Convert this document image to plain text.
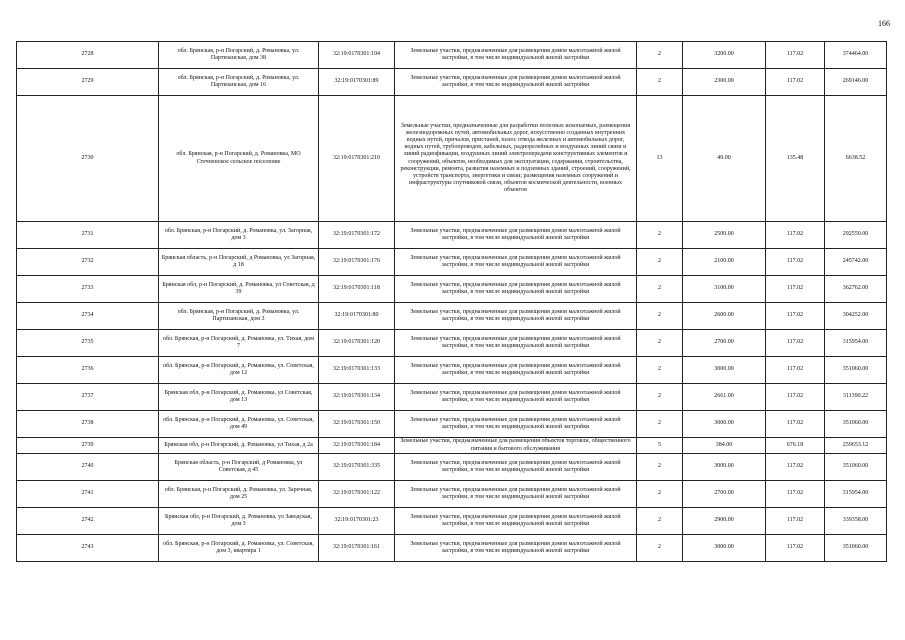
166
2728	обл. Брянская, р-н Погарский, д. Романовка, ул. Партизанская, дом 38	32:19:0170301:104	Земельные участки, предназначенные для размещения домов малоэтажной жилой застройки, в том числе индивидуальной жилой застройки	2	3200.00	117.02	374464.00
2729	обл. Брянская, р-н Погарский, д. Романовка, ул. Партизанская, дом 16	32:19:0170301:89	Земельные участки, предназначенные для размещения домов малоэтажной жилой застройки, в том числе индивидуальной жилой застройки	2	2300.00	117.02	269146.00
2730	обл. Брянская, р-н Погарский, д. Романовка, МО Стечненское сельское поселение	32:19:0170301:210	Земельные участки, предназначенные для разработки полезных ископаемых, размещения железнодорожных путей, автомобильных дорог, искусственно созданных внутренних водных путей, причалов, пристаней, полос отвода железных и автомобильных дорог, водных путей, трубопроводов, кабельных, радиорелейных и воздушных линий связи и линий радиофикации, воздушных линий электропередачи конструктивных элементов и сооружений, объектов, необходимых для эксплуатации, содержания, строительства, реконструкции, ремонта, развития наземных и подземных зданий, строений, сооружений, устройств транспорта, энергетики и связи; размещения наземных сооружений и инфраструктуры спутниковой связи, объектов космической деятельности, военных объектов	13	49.00	135.48	6638.52
2731	обл. Брянская, р-н Погарский, д. Романовка, ул. Загорная, дом 3	32:19:0170301:172	Земельные участки, предназначенные для размещения домов малоэтажной жилой застройки, в том числе индивидуальной жилой застройки	2	2500.00	117.02	292550.00
2732	Брянская область, р-н Погарский, д Романовка, ул Загорная, д 18	32:19:0170301:176	Земельные участки, предназначенные для размещения домов малоэтажной жилой застройки, в том числе индивидуальной жилой застройки	2	2100.00	117.02	245742.00
2733	Брянская обл, р-н Погарский, д. Романовка, ул Советская, д 39	32:19:0170301:118	Земельные участки, предназначенные для размещения домов малоэтажной жилой застройки, в том числе индивидуальной жилой застройки	2	3100.00	117.02	362762.00
2734	обл. Брянская, р-н Погарский, д. Романовка, ул. Партизанская, дом 3	32:19:0170301:80	Земельные участки, предназначенные для размещения домов малоэтажной жилой застройки, в том числе индивидуальной жилой застройки	2	2600.00	117.02	304252.00
2735	обл. Брянская, р-н Погарский, д. Романовка, ул. Тихая, дом 7	32:19:0170301:120	Земельные участки, предназначенные для размещения домов малоэтажной жилой застройки, в том числе индивидуальной жилой застройки	2	2700.00	117.02	315954.00
2736	обл. Брянская, р-н Погарский, д. Романовка, ул. Советская, дом 12	32:19:0170301:133	Земельные участки, предназначенные для размещения домов малоэтажной жилой застройки, в том числе индивидуальной жилой застройки	2	3000.00	117.02	351060.00
2737	Брянская обл, р-н Погарский, д. Романовка, ул Советская, дом 13	32:19:0170301:134	Земельные участки, предназначенные для размещения домов малоэтажной жилой застройки, в том числе индивидуальной жилой застройки	2	2661.00	117.02	311390.22
2738	обл. Брянская, р-н Погарский, д. Романовка, ул. Советская, дом 49	32:19:0170301:150	Земельные участки, предназначенные для размещения домов малоэтажной жилой застройки, в том числе индивидуальной жилой застройки	2	3000.00	117.02	351060.00
2739	Брянская обл, р-н Погарский, д. Романовка, ул Тихая, д 2а	32:19:0170301:184	Земельные участки, предназначенные для размещения объектов торговли, общественного питания и бытового обслуживания	5	384.00	676.18	259653.12
2740	Брянская область, р-н Погарский, д Романовка, ул Советская, д 45	32:19:0170301:335	Земельные участки, предназначенные для размещения домов малоэтажной жилой застройки, в том числе индивидуальной жилой застройки	2	3000.00	117.02	351060.00
2741	обл. Брянская, р-н Погарский, д. Романовка, ул. Заречная, дом 25	32:19:0170301:122	Земельные участки, предназначенные для размещения домов малоэтажной жилой застройки, в том числе индивидуальной жилой застройки	2	2700.00	117.02	315954.00
2742	Брянская обл, р-н Погарский, д. Романовка, ул Заводская, дом 3	32:19:0170301:23	Земельные участки, предназначенные для размещения домов малоэтажной жилой застройки, в том числе индивидуальной жилой застройки	2	2900.00	117.02	339358.00
2743	обл. Брянская, р-н Погарский, д. Романовка, ул. Советская, дом 3, квартира 1	32:19:0170301:161	Земельные участки, предназначенные для размещения домов малоэтажной жилой застройки, в том числе индивидуальной жилой застройки	2	3000.00	117.02	351060.00
